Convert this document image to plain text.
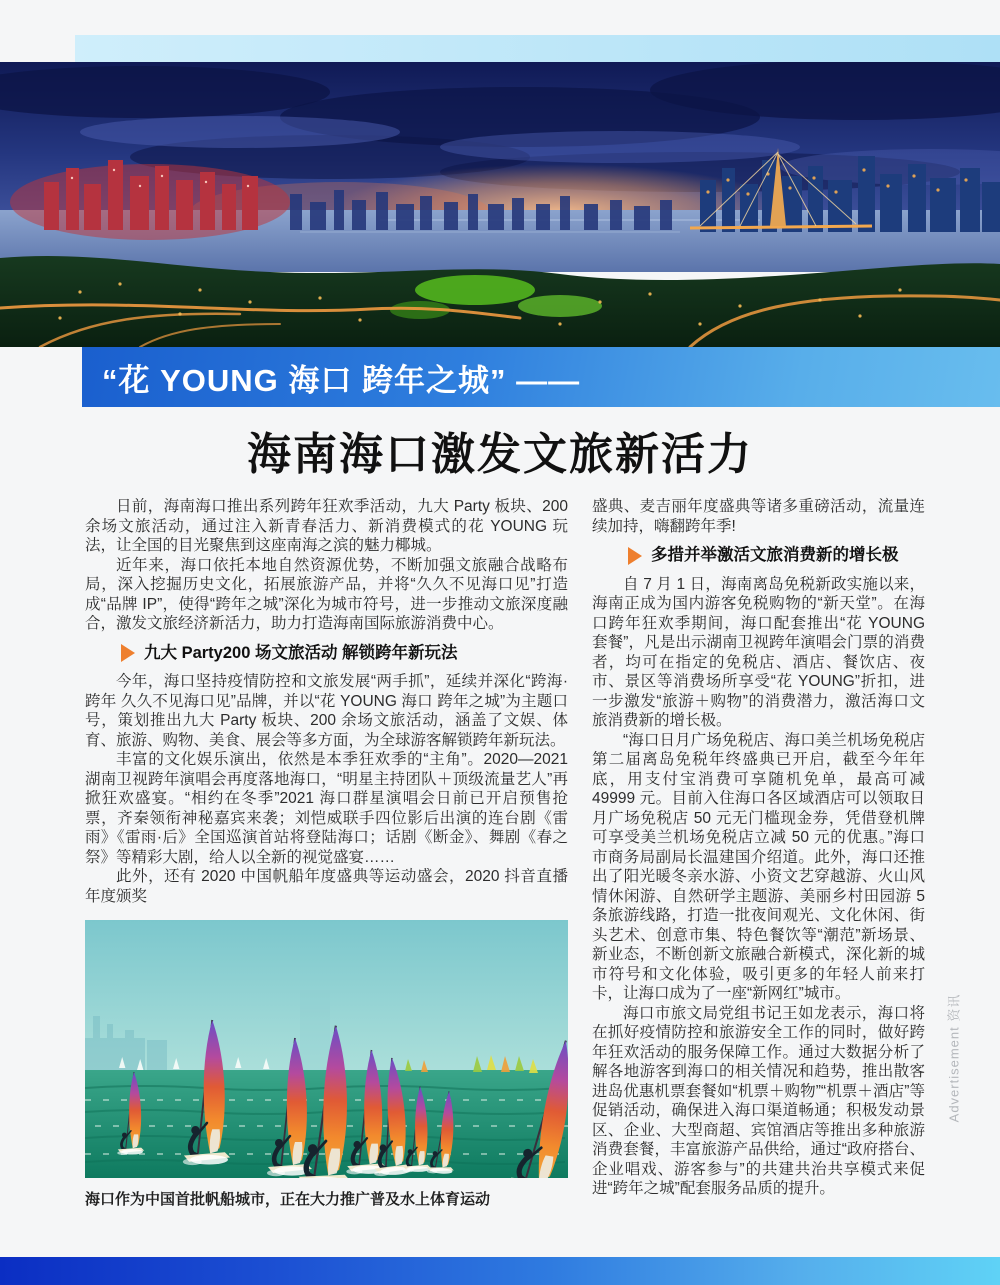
“花 YOUNG 海口 跨年之城” ——
海南海口激发文旅新活力

日前，海南海口推出系列跨年狂欢季活动，九大 Party 板块、200 余场文旅活动，通过注入新青春活力、新消费模式的花 YOUNG 玩法，让全国的目光聚焦到这座南海之滨的魅力椰城。

近年来，海口依托本地自然资源优势，不断加强文旅融合战略布局，深入挖掘历史文化，拓展旅游产品，并将“久久不见海口见”打造成“品牌 IP”，使得“跨年之城”深化为城市符号，进一步推动文旅深度融合，激发文旅经济新活力，助力打造海南国际旅游消费中心。

九大 Party200 场文旅活动 解锁跨年新玩法

今年，海口坚持疫情防控和文旅发展“两手抓”，延续并深化“跨海·跨年 久久不见海口见”品牌，并以“花 YOUNG 海口 跨年之城”为主题口号，策划推出九大 Party 板块、200 余场文旅活动，涵盖了文娱、体育、旅游、购物、美食、展会等多方面，为全球游客解锁跨年新玩法。

丰富的文化娱乐演出，依然是本季狂欢季的“主角”。2020—2021 湖南卫视跨年演唱会再度落地海口，“明星主持团队＋顶级流量艺人”再掀狂欢盛宴。“相约在冬季”2021 海口群星演唱会日前已开启预售抢票，齐秦领衔神秘嘉宾来袭；刘恺威联手四位影后出演的连台剧《雷雨》《雷雨·后》全国巡演首站将登陆海口；话剧《断金》、舞剧《春之祭》等精彩大剧，给人以全新的视觉盛宴……

此外，还有 2020 中国帆船年度盛典等运动盛会，2020 抖音直播年度颁奖

海口作为中国首批帆船城市，正在大力推广普及水上体育运动

盛典、麦吉丽年度盛典等诸多重磅活动，流量连续加持，嗨翻跨年季!

多措并举激活文旅消费新的增长极

自 7 月 1 日，海南离岛免税新政实施以来，海南正成为国内游客免税购物的“新天堂”。在海口跨年狂欢季期间，海口配套推出“花 YOUNG 套餐”，凡是出示湖南卫视跨年演唱会门票的消费者，均可在指定的免税店、酒店、餐饮店、夜市、景区等消费场所享受“花 YOUNG”折扣，进一步激发“旅游＋购物”的消费潜力，激活海口文旅消费新的增长极。

“海口日月广场免税店、海口美兰机场免税店第二届离岛免税年终盛典已开启，截至今年年底，用支付宝消费可享随机免单，最高可减 49999 元。目前入住海口各区域酒店可以领取日月广场免税店 50 元无门槛现金券，凭借登机牌可享受美兰机场免税店立减 50 元的优惠。”海口市商务局副局长温建国介绍道。此外，海口还推出了阳光暖冬亲水游、小资文艺穿越游、火山风情休闲游、自然研学主题游、美丽乡村田园游 5 条旅游线路，打造一批夜间观光、文化休闲、街头艺术、创意市集、特色餐饮等“潮范”新场景、新业态，不断创新文旅融合新模式，深化新的城市符号和文化体验，吸引更多的年轻人前来打卡，让海口成为了一座“新网红”城市。

海口市旅文局党组书记王如龙表示，海口将在抓好疫情防控和旅游安全工作的同时，做好跨年狂欢活动的服务保障工作。通过大数据分析了解各地游客到海口的相关情况和趋势，推出散客进岛优惠机票套餐如“机票＋购物”“机票＋酒店”等促销活动，确保进入海口渠道畅通；积极发动景区、企业、大型商超、宾馆酒店等推出多种旅游消费套餐，丰富旅游产品供给，通过“政府搭台、企业唱戏、游客参与”的共建共治共享模式来促进“跨年之城”配套服务品质的提升。

Advertisement 资讯
